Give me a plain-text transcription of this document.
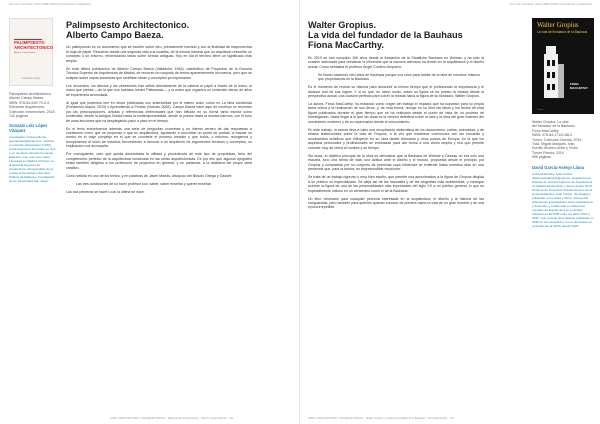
Arte, Arq. Innovación | EN LA BIBLIOTECA | Revista Arte y Arquitectura
PALIMPSESTO
ARCHITECTONICO
Alberto Campo Baeza
Fundación Arquia

Palimpsesto Architectonico.

Alberto Campo Baeza

ISBN: 978-84-940770-9-4

Ediciones Arquitectura

Colección Inmemoriam, 2018

142 páginas

Gonzalo Leis López Vázquez
Investigador independiente. gonzaloleis@gmail.com. Técnico en estudios Espaciales (UCM), criminología por los lindes en cine y en nuestras ciencias humanas. Estudios. Con una tesis sobre Literatura en Madrid. Profesor en la Escuela Superior de Arquitectura. Responsable de la revista Universidad y Escuela Pública de Mallorca. Investigador de la Universidad San Jorge.
Palimpsesto Architectonico.
Alberto Campo Baeza.

Un palimpsesto es un documento que se escribe sobre otro, previamente borrado y con la finalidad de reaprovechar la hoja de papel. Recuerdo donde una segunda vida a la cuartilla, de la misma manera que un arquitecto reescribe un concepto o un entorno, reformulando ideas sobre formas antiguas. Hoy en día el término tiene un significado más amplio.

En esta última publicación de Alberto Campo Baeza (Valladolid, 1946), catedrático de Proyectos de la Escuela Técnica Superior de Arquitectura de Madrid, se recorren un conjunto de textos aparentemente inconexos, pero que se solapan sobre capas sucesivas que reutilizan ideas y conceptos ya expresados.

Los recuerdos, los afectos y las obsesiones han salido directamente de la cabeza al papel a través de la mano, la mano que piensa —de la que nos hablaba Juhani Pallasmaa—, y la mano que organiza un contenido denso de años de experiencia acumulada.

Al igual que podemos leer en obras publicadas con anterioridad por el mismo autor, como en La idea construida (Fundación Arquia, 2019) o Aprendiendo a Pensar (Nobuko 2008), Campo Baeza hace aquí de continuo un recorrido por las preocupaciones, artistas y referencias intelectuales que han influido en su forma tanto escrita como construida, desde la Antigua Grecia hasta la contemporaneidad, desde la poesía hasta la música barroca, con el tono de unas lecciones que va desplegando paso a paso en el tiempo.

En el texto encontramos además una serie de preguntas concretas y un intento certero de dar respuestas a cuestiones como qué es proyectar o qué es arquitectura, ayudando a encontrar un punto de partida, a marcar un rumbo en el viaje complejo en el que se convierte el proceso creativo y que todos, o muchos, recogemos y recuperamos al inicio de estudios favoreciendo a renovar a un arquitecto de argumentos técnicos y conceptos, su explicación nos acompaña.

Por consiguiente, creo que queda demostrada la utilidad y procedencia de este tipo de propuestas, fruto del complemento perfecto de la arquitectura construida en las obras arquitectónicas. Es por ello que algunos epígrafes están también dirigidos a los profesores de proyectos en general, y en particular, a la didáctica del propio ideal creativo.

Como señala en uno de los textos, y en palabras de Javier Marías, discípulo del filósofo Ortega y Gasset:

Las tres condiciones de un buen profesor son: saber, saber enseñar y querer enseñar.

Las dos primeras se hacen, con la última se nace.

ARTE, ARQUITECTURA Y SOCIEDAD DIGITAL · Palimpsesto Architectonico · Alberto Campo Baeza · 126
Arte, Arq. Innovación | EN LA BIBLIOTECA | Revista Arte y Arquitectura
Walter Gropius.
La vida del fundador de la Bauhaus
Fiona MacCarthy.

En 2019 se han cumplido 100 años desde la fundación de la Staatliche Bauhaus en Weimar, y ha sido la ocasión adecuada para reevaluar la influencia que la escuela alemana ha tenido en la arquitectura y el diseño actual. Como señalaba el profesor Ángel Cordero Ampuero,

Se llevan haciendo cien años de Bauhaus porque nos sirve para hablar de la idea de nosotros mismos que proyectamos en la Bauhaus.

Es el momento de revisar su historia para descubrir al mismo tiempo que el profesorado la importancia y el alcance real de sus logros. Y si es que, en cierto modo, sobre su figura se ha puesto la mirada desde la perspectiva actual, una ocasión perfecta para volver la mirada hacia la figura de su fundador, Walter Gropius.

La autora, Fiona MacCarthy, ha realizado como origen del trabajo el impacto que ha supuesto para su propia tarea crítica y la realización de sus libros, y, de esta forma, recoge en su libro las ideas y los textos de esta figura publicados durante el gran tiempo que se ha realizado desde el punto de vista de un proceso de investigación, hasta llegar a la que sin duda es la versión definitiva sobre la vida y la obra del gran maestro del movimiento moderno y de su repercusión desde el conocimiento.

En este trabajo, la autora lleva a cabo una recopilación sistemática de los documentos, cartas, anécdotas, y de relatos testimoniales sobre la vida de Gropius, a la vez que establece conexiones con las escuelas y movimientos artísticos que influyeron en su obra desde Alemania y otros países de Europa, en la que los aspectos personales y profesionales se entrelazan para dar forma a una visión amplia y rica que permite conocer muy de cerca al hombre y su tiempo.

Sin duda, el objetivo principal de la obra es demostrar que la Bauhaus de Weimar y Dessau no era solo una escuela, sino una forma de vida, una actitud ante el diseño y el mundo, propuesta desde el principio por Gropius y compartida por un conjunto de personas cuya influencia se extiende hasta nuestros días en una presencia que, para la autora, es imprescindible reconocer.

Se trata de un trabajo riguroso y muy bien escrito, que permite una aproximación a la figura de Gropius dirigida a un público no especializado. Se aleja así de los manuales y de las biografías más académicas, y consigue acercar la figura de una de las personalidades más importantes del siglo XX a un público general, lo que es especialmente valioso en un centenario como el de la Bauhaus.

Un libro necesario para cualquier persona interesada en la arquitectura, el diseño y la historia de las vanguardias, pero también para quienes quieran conocer de primera mano la vida de un gran hombre y de una época irrepetible.

Walter Gropius
La vida del fundador de la Bauhaus
FIONA MACCARTHY
Turner

Walter Gropius. La vida

del fundador de la Bauhaus

Fiona MacCarthy

ISBN: 978-84-17141-88-0

Turner, Colección Noema, 2019

Trad. Miguel Marqués, Iván

Durrillo Álvarez-Uribe y Víctor

Turner Pineda, 2019

556 páginas

David García-Asenjo Llana
Universidad Rey Juan Carlos. david.garciaasenjo@urjc.es. Arquitecto por la Escuela Técnica Superior de Arquitectura de Madrid desde 2012 y doctor desde 2016. Profesor de Proyectos Arquitectónicos de la Universidad Rey Juan Carlos. Ha dirigido y publicado en revistas y libros, incluyendo artículos de investigación sobre arquitectura y docencia, y colaborado en diferentes estudios de arquitectura en el ámbito nacional en ETSAM entre los años 2019 y 2022. Con el título de posgrado publicado en 2019 en la revista RA y con el doctorado en el ámbito de la URJC desde 2018.
ARTE, ARQUITECTURA Y SOCIEDAD DIGITAL · Walter Gropius. La vida del fundador de la Bauhaus · Fiona MacCarthy · 127
